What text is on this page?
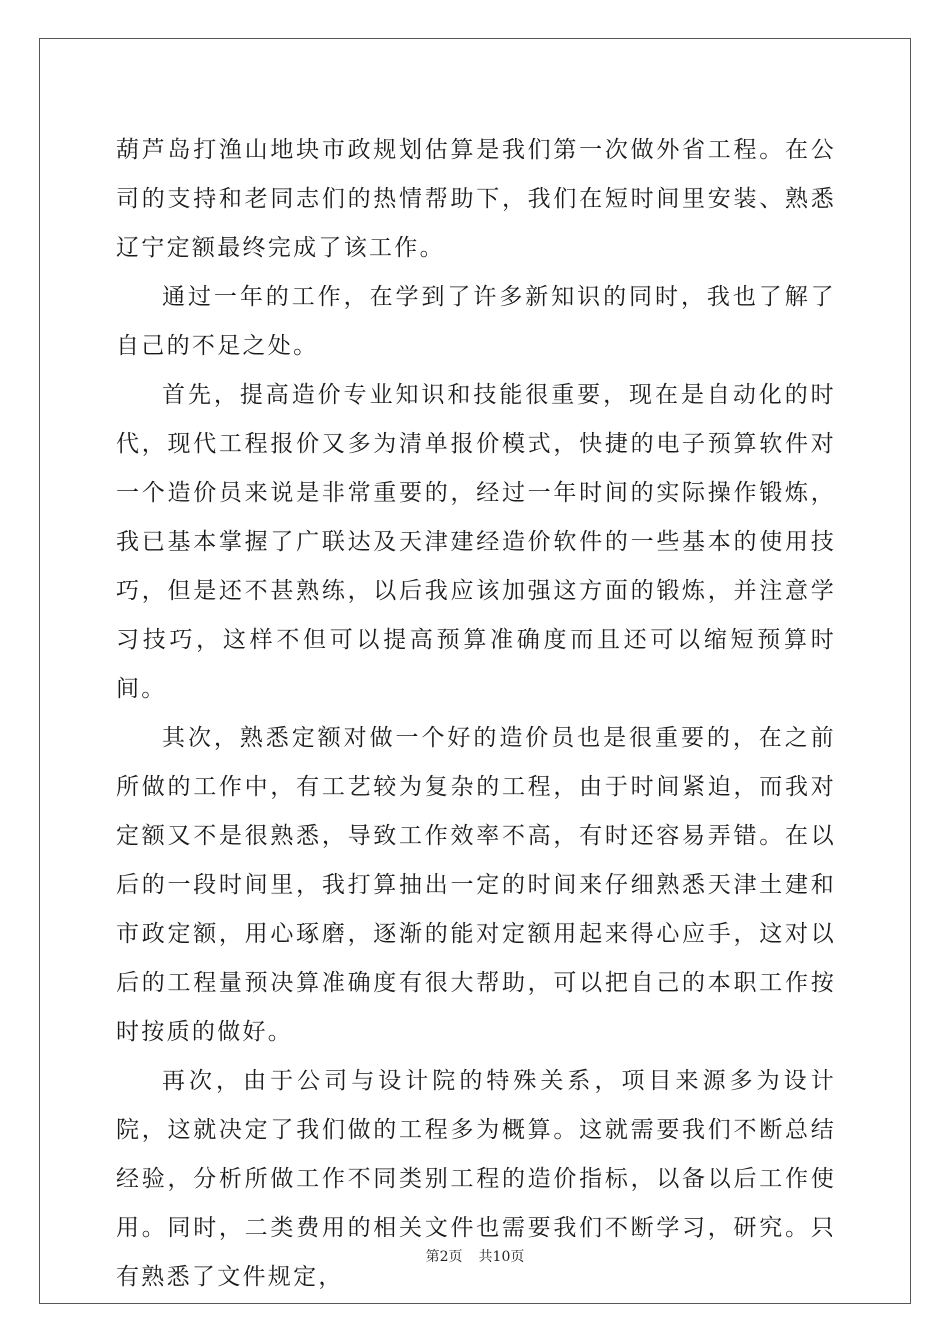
葫芦岛打渔山地块市政规划估算是我们第一次做外省工程。在公司的支持和老同志们的热情帮助下，我们在短时间里安装、熟悉辽宁定额最终完成了该工作。

通过一年的工作，在学到了许多新知识的同时，我也了解了自己的不足之处。

首先，提高造价专业知识和技能很重要，现在是自动化的时代，现代工程报价又多为清单报价模式，快捷的电子预算软件对一个造价员来说是非常重要的，经过一年时间的实际操作锻炼，我已基本掌握了广联达及天津建经造价软件的一些基本的使用技巧，但是还不甚熟练，以后我应该加强这方面的锻炼，并注意学习技巧，这样不但可以提高预算准确度而且还可以缩短预算时间。

其次，熟悉定额对做一个好的造价员也是很重要的，在之前所做的工作中，有工艺较为复杂的工程，由于时间紧迫，而我对定额又不是很熟悉，导致工作效率不高，有时还容易弄错。在以后的一段时间里，我打算抽出一定的时间来仔细熟悉天津土建和市政定额，用心琢磨，逐渐的能对定额用起来得心应手，这对以后的工程量预决算准确度有很大帮助，可以把自己的本职工作按时按质的做好。

再次，由于公司与设计院的特殊关系，项目来源多为设计院，这就决定了我们做的工程多为概算。这就需要我们不断总结经验，分析所做工作不同类别工程的造价指标，以备以后工作使用。同时，二类费用的相关文件也需要我们不断学习，研究。只有熟悉了文件规定，

第2页 共10页
